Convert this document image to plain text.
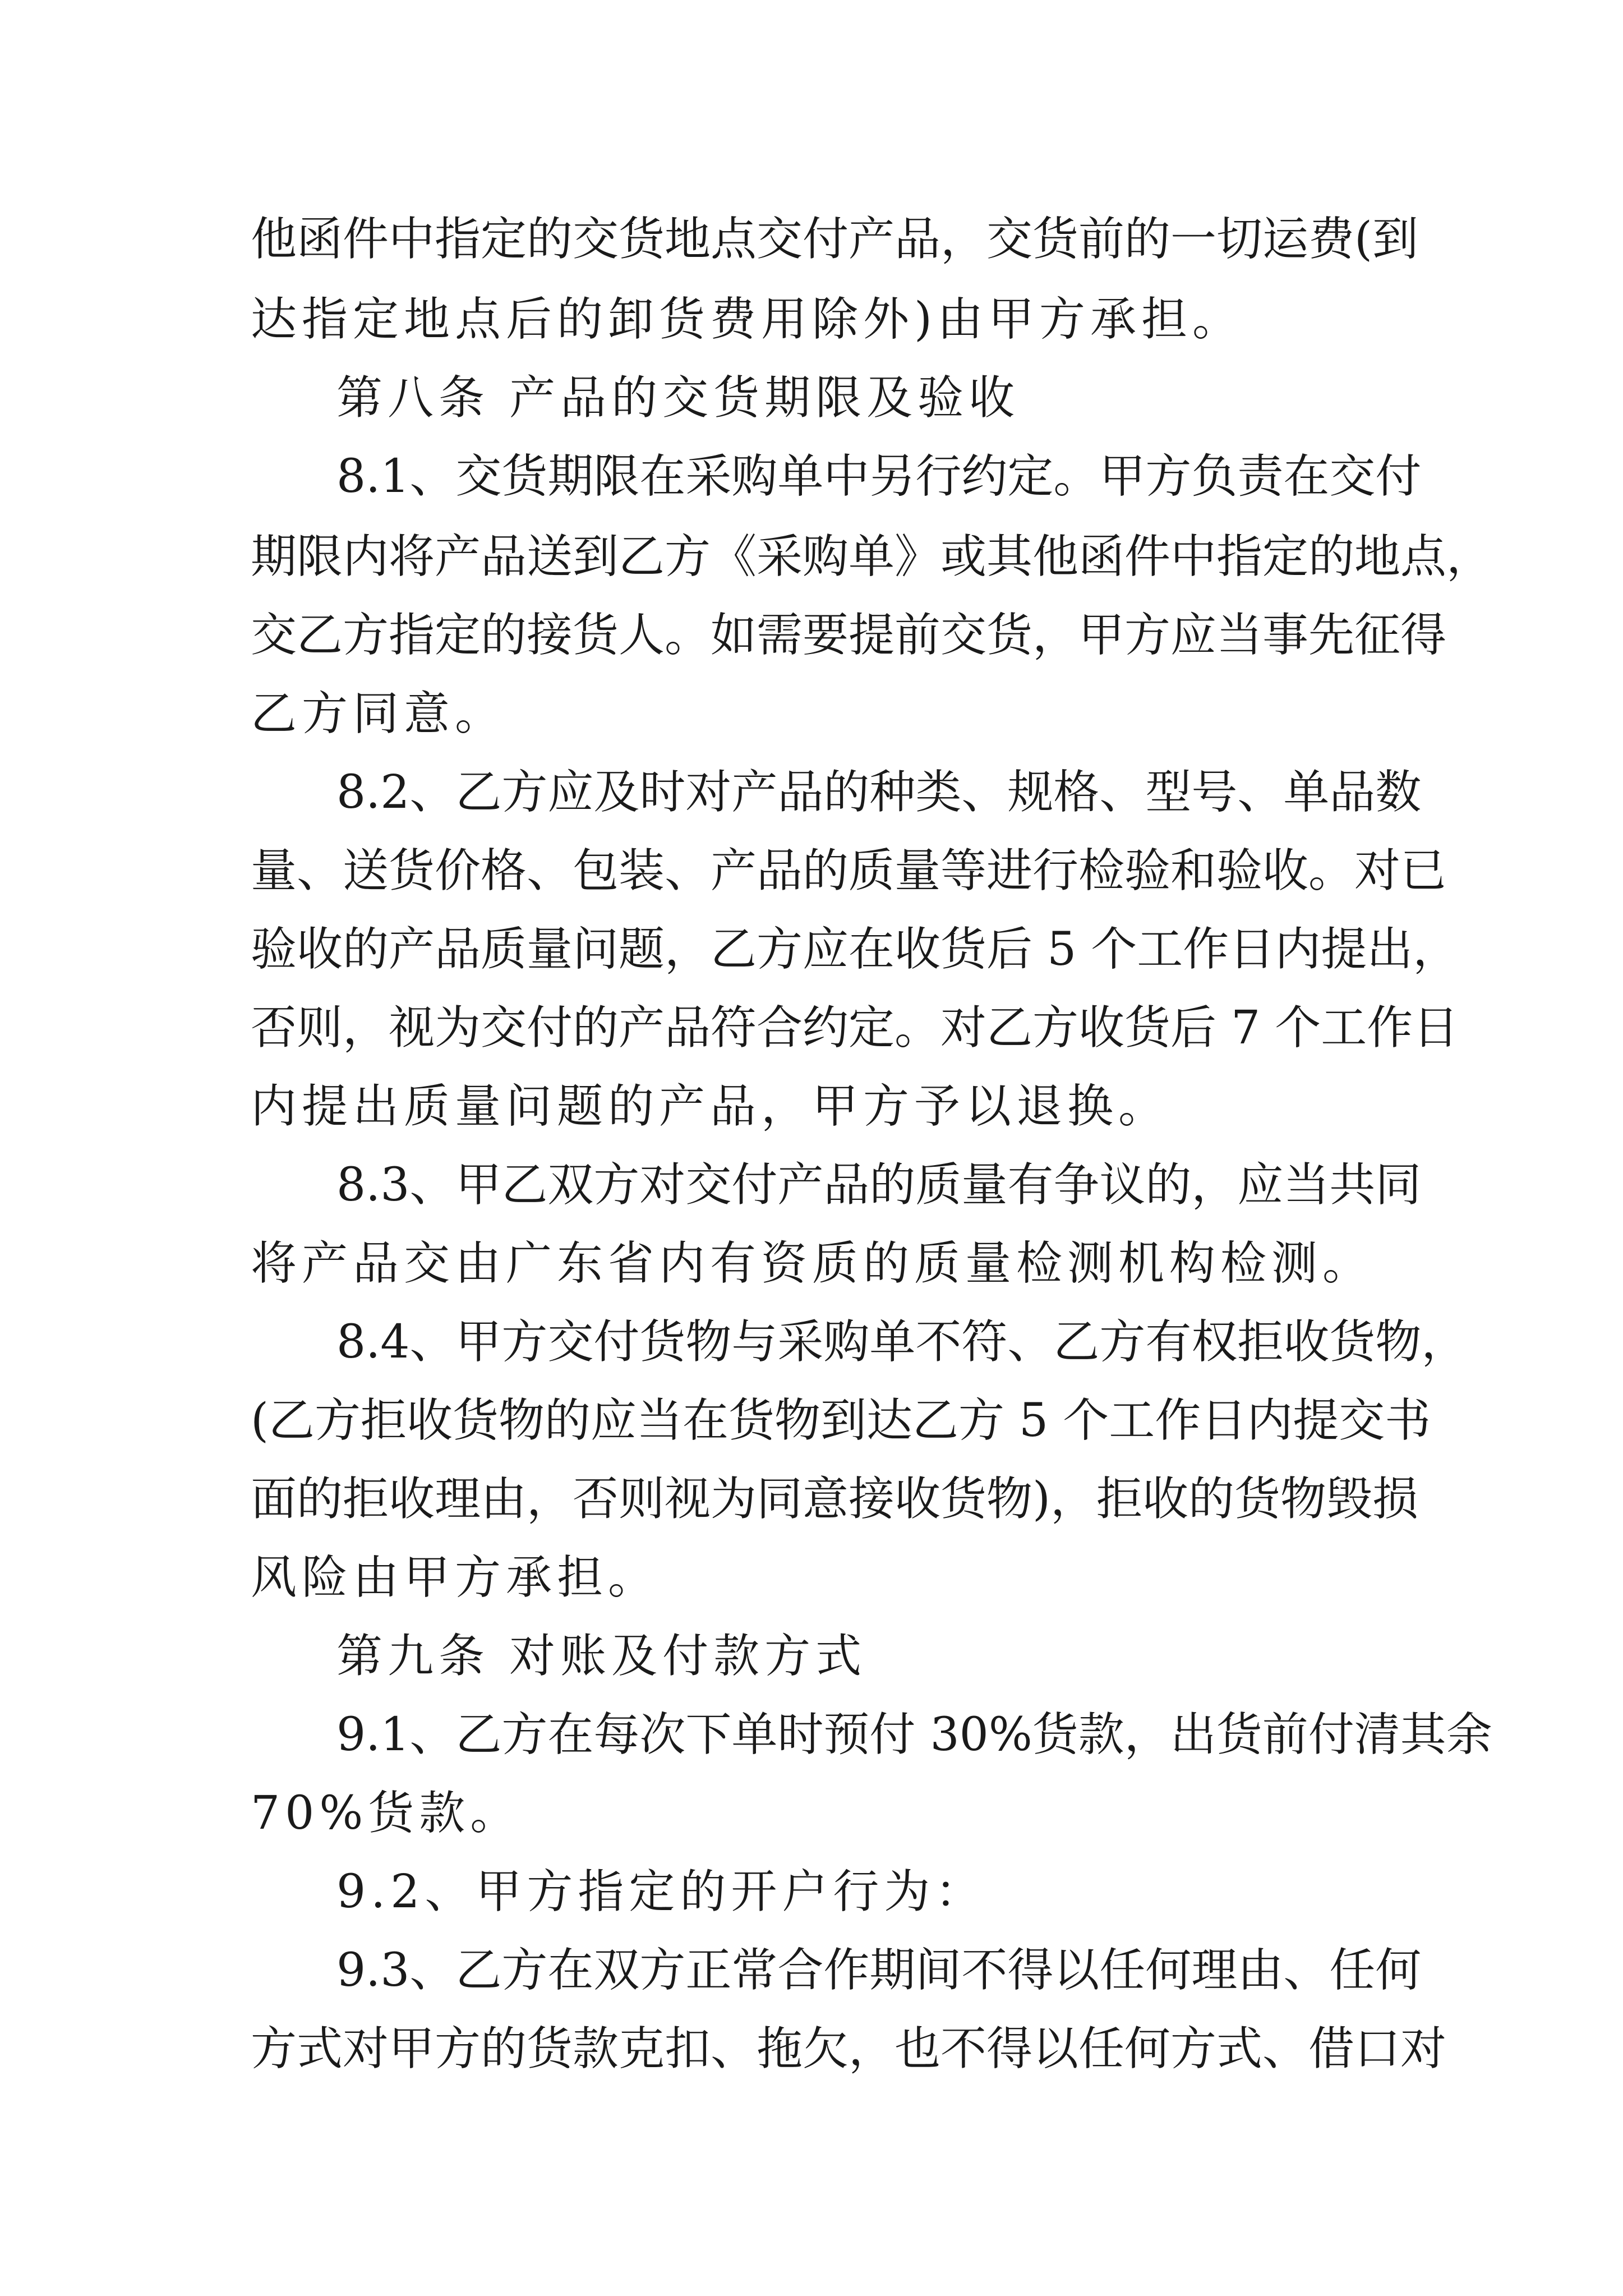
他函件中指定的交货地点交付产品，交货前的一切运费(到

达指定地点后的卸货费用除外)由甲方承担。

第八条 产品的交货期限及验收

8.1、交货期限在采购单中另行约定。甲方负责在交付

期限内将产品送到乙方《采购单》或其他函件中指定的地点，

交乙方指定的接货人。如需要提前交货，甲方应当事先征得

乙方同意。

8.2、乙方应及时对产品的种类、规格、型号、单品数

量、送货价格、包装、产品的质量等进行检验和验收。对已

验收的产品质量问题，乙方应在收货后 5 个工作日内提出，

否则，视为交付的产品符合约定。对乙方收货后 7 个工作日

内提出质量问题的产品，甲方予以退换。

8.3、甲乙双方对交付产品的质量有争议的，应当共同

将产品交由广东省内有资质的质量检测机构检测。

8.4、甲方交付货物与采购单不符、乙方有权拒收货物，

(乙方拒收货物的应当在货物到达乙方 5 个工作日内提交书

面的拒收理由，否则视为同意接收货物)，拒收的货物毁损

风险由甲方承担。

第九条 对账及付款方式

9.1、乙方在每次下单时预付 30%货款，出货前付清其余

70%货款。

9.2、甲方指定的开户行为：

9.3、乙方在双方正常合作期间不得以任何理由、任何

方式对甲方的货款克扣、拖欠，也不得以任何方式、借口对
